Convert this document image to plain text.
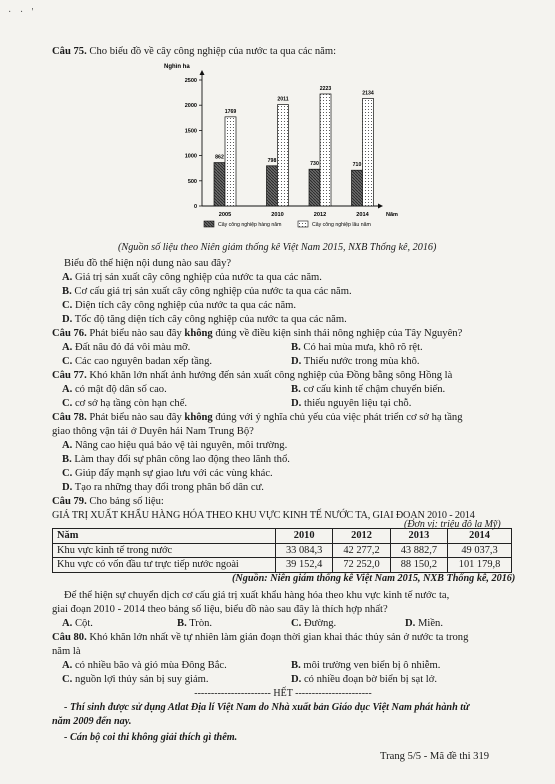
· · '
Câu 75. Cho biểu đồ về cây công nghiệp của nước ta qua các năm:
Nghìn ha
Năm
0
500
1000
1500
2000
2500
862
1769
2005
798
2011
2010
730
2223
2012
710
2134
2014
Cây công nghiệp hàng năm	Cây công nghiệp lâu năm
(Nguồn số liệu theo Niên giám thống kê Việt Nam 2015, NXB Thống kê, 2016)
Biểu đồ thể hiện nội dung nào sau đây?
A. Giá trị sản xuất cây công nghiệp của nước ta qua các năm.
B. Cơ cấu giá trị sản xuất cây công nghiệp của nước ta qua các năm.
C. Diện tích cây công nghiệp của nước ta qua các năm.
D. Tốc độ tăng diện tích cây công nghiệp của nước ta qua các năm.
Câu 76. Phát biểu nào sau đây không đúng về điều kiện sinh thái nông nghiệp của Tây Nguyên?
A. Đất nâu đỏ đá vôi màu mỡ.	B. Có hai mùa mưa, khô rõ rệt.
C. Các cao nguyên badan xếp tầng.	D. Thiếu nước trong mùa khô.
Câu 77. Khó khăn lớn nhất ảnh hưởng đến sản xuất công nghiệp của Đồng bằng sông Hồng là
A. có mật độ dân số cao.	B. cơ cấu kinh tế chậm chuyển biến.
C. cơ sở hạ tầng còn hạn chế.	D. thiếu nguyên liệu tại chỗ.
Câu 78. Phát biểu nào sau đây không đúng với ý nghĩa chủ yếu của việc phát triển cơ sở hạ tầng
giao thông vận tải ở Duyên hải Nam Trung Bộ?
A. Nâng cao hiệu quả bảo vệ tài nguyên, môi trường.
B. Làm thay đổi sự phân công lao động theo lãnh thổ.
C. Giúp đẩy mạnh sự giao lưu với các vùng khác.
D. Tạo ra những thay đổi trong phân bố dân cư.
Câu 79. Cho bảng số liệu:
GIÁ TRỊ XUẤT KHẨU HÀNG HÓA THEO KHU VỰC KINH TẾ NƯỚC TA, GIAI ĐOẠN 2010 - 2014
(Đơn vị: triệu đô la Mỹ)
Năm	2010	2012	2013	2014
Khu vực kinh tế trong nước	33 084,3	42 277,2	43 882,7	49 037,3
Khu vực có vốn đầu tư trực tiếp nước ngoài	39 152,4	72 252,0	88 150,2	101 179,8
(Nguồn: Niên giám thống kê Việt Nam 2015, NXB Thống kê, 2016)
Để thể hiện sự chuyển dịch cơ cấu giá trị xuất khẩu hàng hóa theo khu vực kinh tế nước ta,
giai đoạn 2010 - 2014 theo bảng số liệu, biểu đồ nào sau đây là thích hợp nhất?
A. Cột.	B. Tròn.	C. Đường.	D. Miền.
Câu 80. Khó khăn lớn nhất về tự nhiên làm gián đoạn thời gian khai thác thủy sản ở nước ta trong
năm là
A. có nhiều bão và gió mùa Đông Bắc.	B. môi trường ven biển bị ô nhiễm.
C. nguồn lợi thủy sản bị suy giảm.	D. có nhiều đoạn bờ biển bị sạt lở.
----------------------- HẾT -----------------------
- Thí sinh được sử dụng Atlat Địa lí Việt Nam do Nhà xuất bản Giáo dục Việt Nam phát hành từ
năm 2009 đến nay.
- Cán bộ coi thi không giải thích gì thêm.
Trang 5/5 - Mã đề thi 319
